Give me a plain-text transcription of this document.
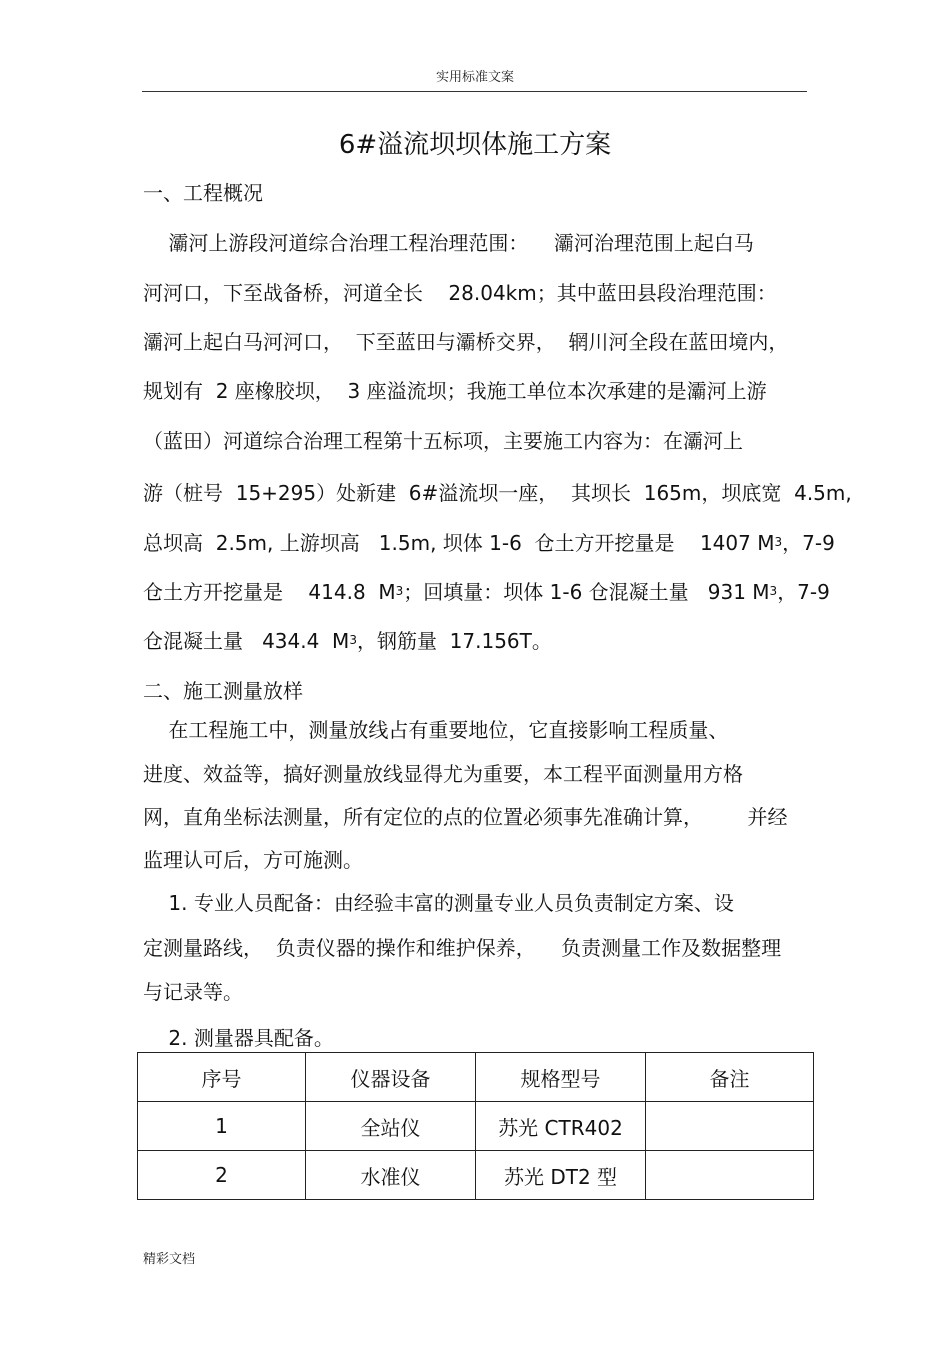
实用标准文案
6#溢流坝坝体施工方案
一、工程概况
灞河上游段河道综合治理工程治理范围：    灞河治理范围上起白马
河河口，下至战备桥，河道全长    28.04km；其中蓝田县段治理范围：
灞河上起白马河河口，  下至蓝田与灞桥交界，  辋川河全段在蓝田境内，
规划有  2 座橡胶坝，  3 座溢流坝；我施工单位本次承建的是灞河上游
（蓝田）河道综合治理工程第十五标项，主要施工内容为：在灞河上
游（桩号  15+295）处新建  6#溢流坝一座，  其坝长  165m，坝底宽  4.5m,
总坝高  2.5m, 上游坝高   1.5m, 坝体 1-6  仓土方开挖量是    1407 $M^3$，7-9
仓土方开挖量是    414.8  $M^3$；回填量：坝体 1-6 仓混凝土量   931 $M^3$，7-9
仓混凝土量   434.4  $M^3$，钢筋量  17.156T。
二、施工测量放样
在工程施工中，测量放线占有重要地位，它直接影响工程质量、
进度、效益等，搞好测量放线显得尤为重要，本工程平面测量用方格
网，直角坐标法测量，所有定位的点的位置必须事先准确计算，       并经
监理认可后，方可施测。
1. 专业人员配备：由经验丰富的测量专业人员负责制定方案、设
定测量路线，  负责仪器的操作和维护保养，    负责测量工作及数据整理
与记录等。
2. 测量器具配备。
序号	仪器设备	规格型号	备注
1	全站仪	苏光 CTR402	
2	水准仪	苏光 DT2 型	
精彩文档
